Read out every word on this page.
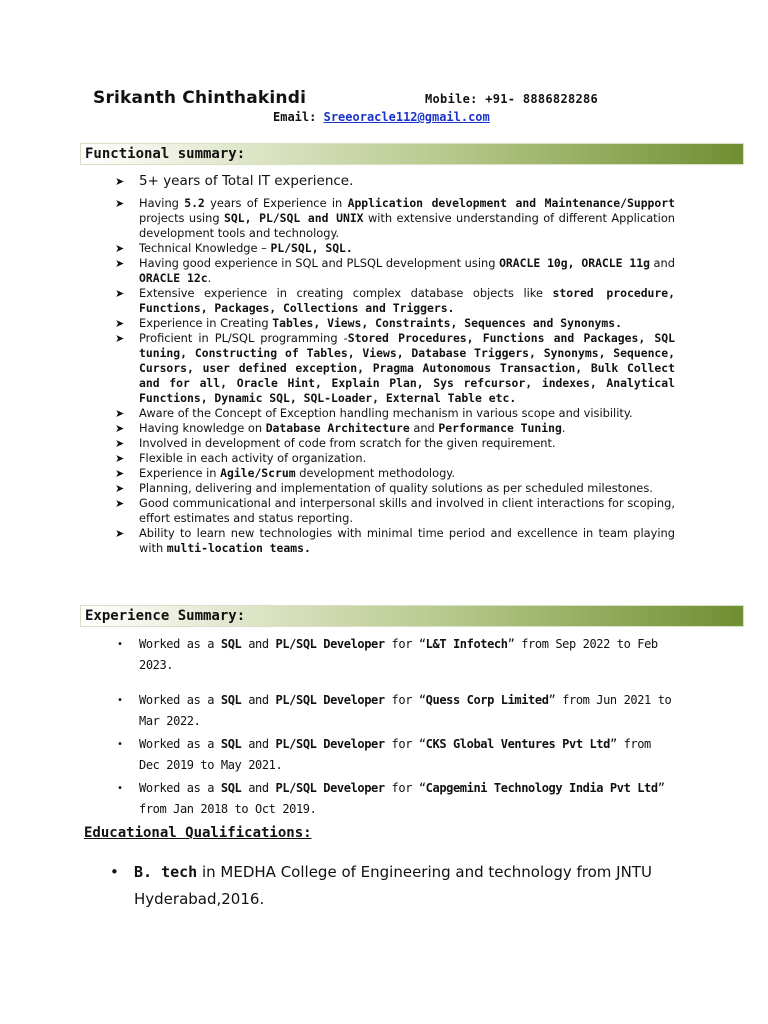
Srikanth Chinthakindi	Mobile: +91- 8886828286
Email: Sreeoracle112@gmail.com
Functional summary:
➤ 5+ years of Total IT experience.
➤ Having 5.2 years of Experience in Application development and Maintenance/Support projects using SQL, PL/SQL and UNIX with extensive understanding of different Application development tools and technology.
➤ Technical Knowledge – PL/SQL, SQL.
➤ Having good experience in SQL and PLSQL development using ORACLE 10g, ORACLE 11g and ORACLE 12c.
➤ Extensive experience in creating complex database objects like stored procedure, Functions, Packages, Collections and Triggers.
➤ Experience in Creating Tables, Views, Constraints, Sequences and Synonyms.
➤ Proficient in PL/SQL programming -Stored Procedures, Functions and Packages, SQL tuning, Constructing of Tables, Views, Database Triggers, Synonyms, Sequence, Cursors, user defined exception, Pragma Autonomous Transaction, Bulk Collect and for all, Oracle Hint, Explain Plan, Sys refcursor, indexes, Analytical Functions, Dynamic SQL, SQL-Loader, External Table etc.
➤ Aware of the Concept of Exception handling mechanism in various scope and visibility.
➤ Having knowledge on Database Architecture and Performance Tuning.
➤ Involved in development of code from scratch for the given requirement.
➤ Flexible in each activity of organization.
➤ Experience in Agile/Scrum development methodology.
➤ Planning, delivering and implementation of quality solutions as per scheduled milestones.
➤ Good communicational and interpersonal skills and involved in client interactions for scoping, effort estimates and status reporting.
➤ Ability to learn new technologies with minimal time period and excellence in team playing with multi-location teams.
Experience Summary:
• Worked as a SQL and PL/SQL Developer for “L&T Infotech” from Sep 2022 to Feb 2023.
• Worked as a SQL and PL/SQL Developer for “Quess Corp Limited” from Jun 2021 to Mar 2022.
• Worked as a SQL and PL/SQL Developer for “CKS Global Ventures Pvt Ltd” from Dec 2019 to May 2021.
• Worked as a SQL and PL/SQL Developer for “Capgemini Technology India Pvt Ltd” from Jan 2018 to Oct 2019.
Educational Qualifications:
• B. tech in MEDHA College of Engineering and technology from JNTU Hyderabad,2016.
